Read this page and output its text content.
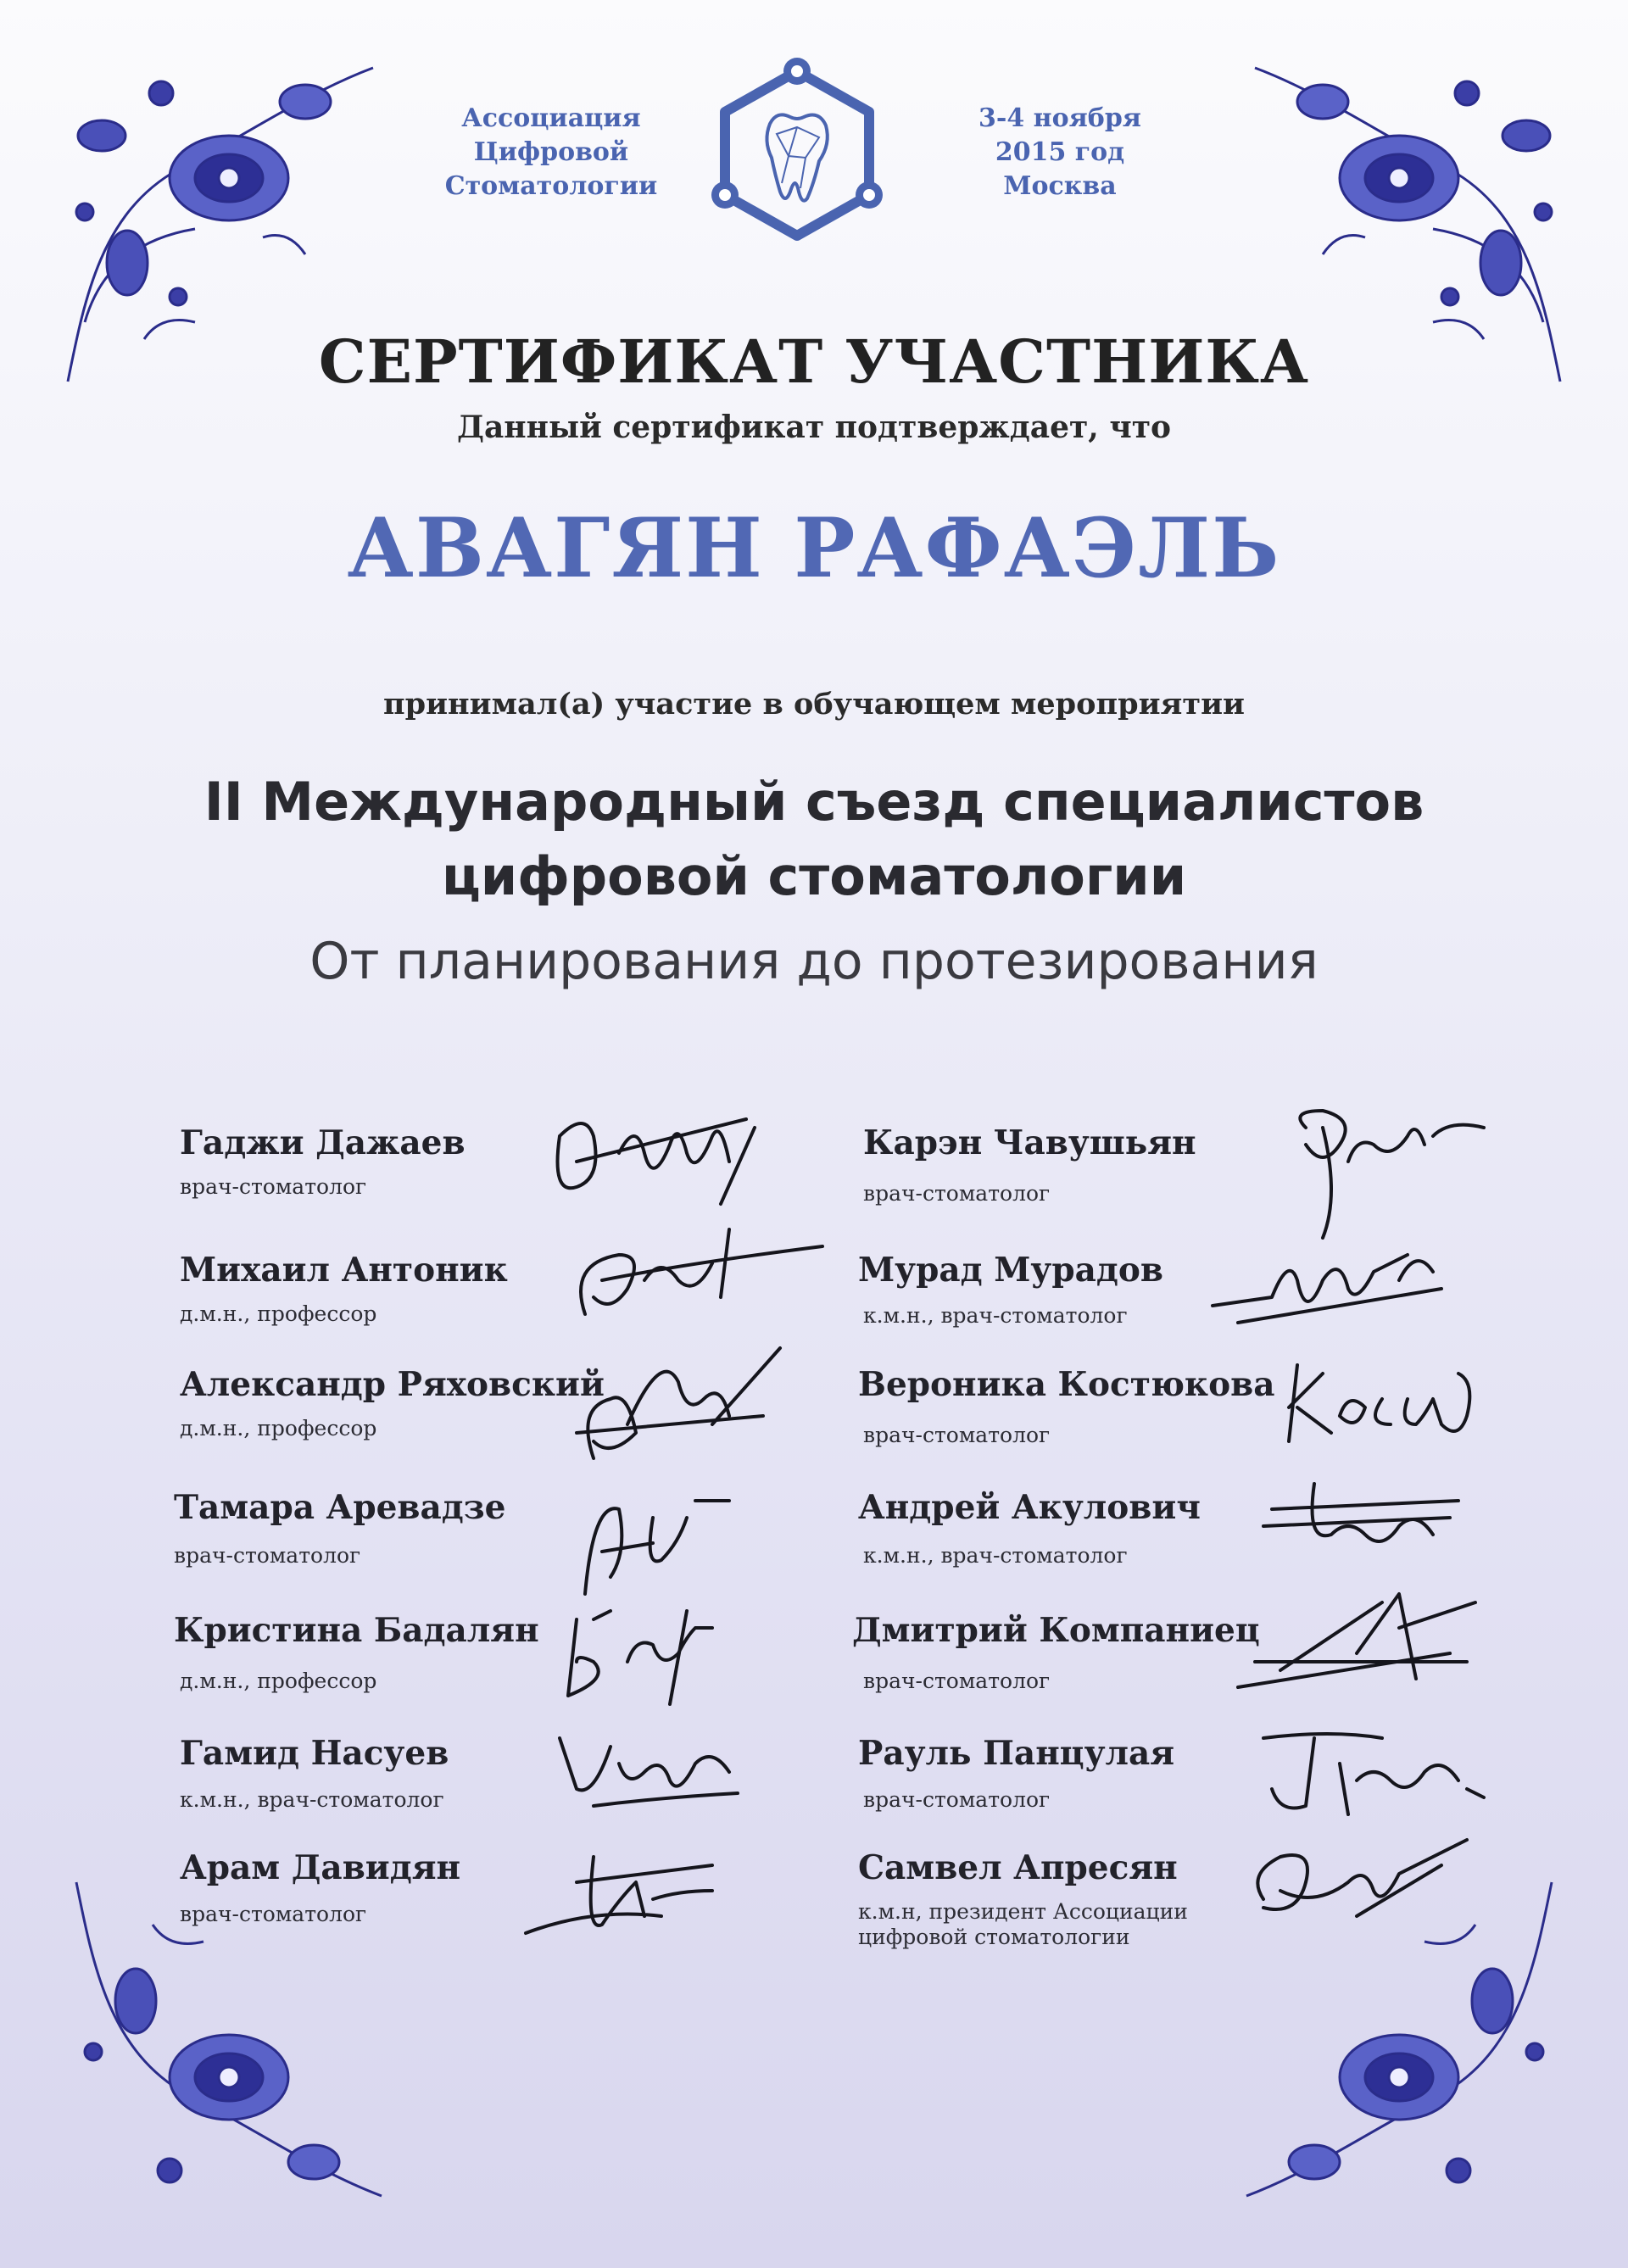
Ассоциация
Цифровой
Стоматологии
3-4 ноября
2015 год
Москва
СЕРТИФИКАТ УЧАСТНИКА
Данный сертификат подтверждает, что
АВАГЯН РАФАЭЛЬ
принимал(а) участие в обучающем мероприятии
II Международный съезд специалистов
цифровой стоматологии
От планирования до протезирования
Гаджи Дажаев
врач-стоматолог
Михаил Антоник
д.м.н., профессор
Александр Ряховский
д.м.н., профессор
Тамара Аревадзе
врач-стоматолог
Кристина Бадалян
д.м.н., профессор
Гамид Насуев
к.м.н., врач-стоматолог
Арам Давидян
врач-стоматолог
Карэн Чавушьян
врач-стоматолог
Мурад Мурадов
к.м.н., врач-стоматолог
Вероника Костюкова
врач-стоматолог
Андрей Акулович
к.м.н., врач-стоматолог
Дмитрий Компаниец
врач-стоматолог
Рауль Панцулая
врач-стоматолог
Самвел Апресян
к.м.н, президент Ассоциации
цифровой стоматологии
